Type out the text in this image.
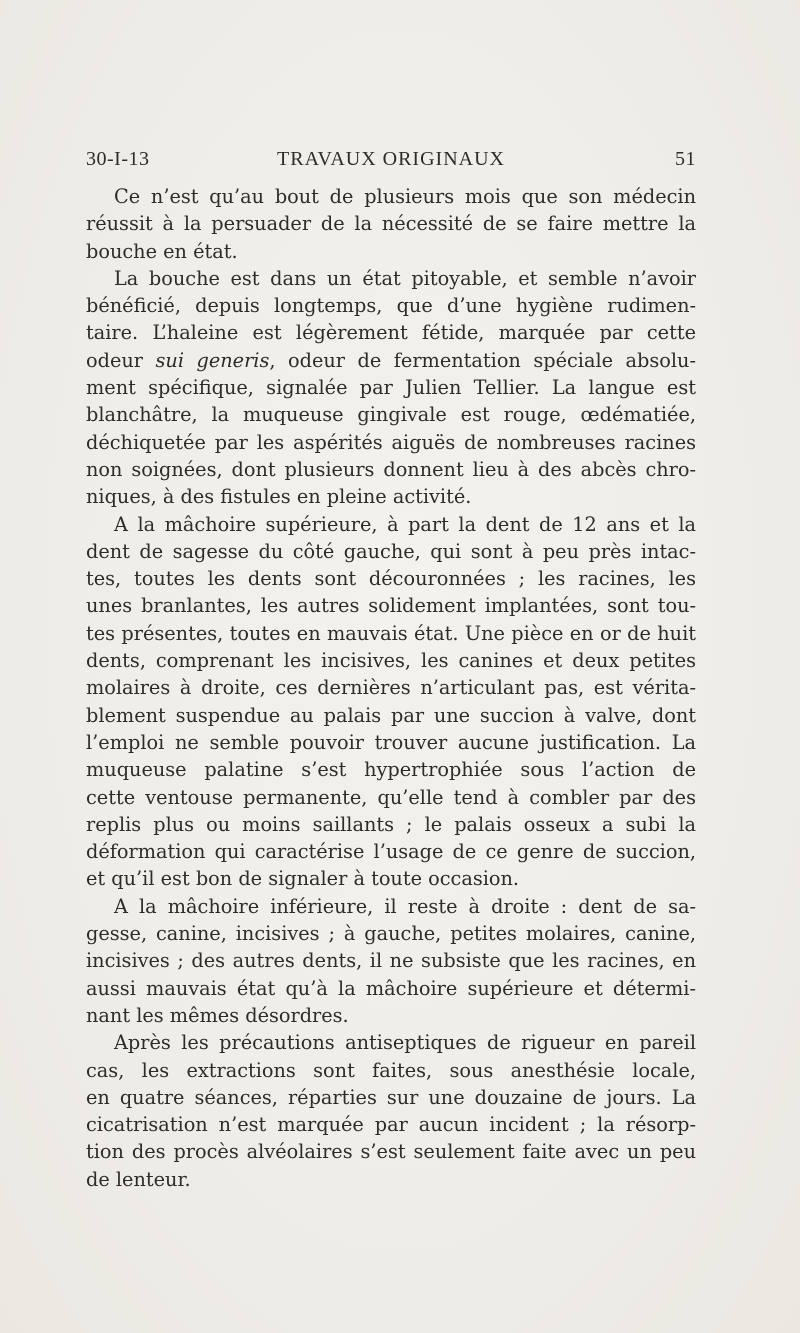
30-I-13	TRAVAUX ORIGINAUX	51
Ce n’est qu’au bout de plusieurs mois que son médecin
réussit à la persuader de la nécessité de se faire mettre la
bouche en état.
La bouche est dans un état pitoyable, et semble n’avoir
bénéficié, depuis longtemps, que d’une hygiène rudimen-
taire. L’haleine est légèrement fétide, marquée par cette
odeur sui generis, odeur de fermentation spéciale absolu-
ment spécifique, signalée par Julien Tellier. La langue est
blanchâtre, la muqueuse gingivale est rouge, œdématiée,
déchiquetée par les aspérités aiguës de nombreuses racines
non soignées, dont plusieurs donnent lieu à des abcès chro-
niques, à des fistules en pleine activité.
A la mâchoire supérieure, à part la dent de 12 ans et la
dent de sagesse du côté gauche, qui sont à peu près intac-
tes, toutes les dents sont découronnées ; les racines, les
unes branlantes, les autres solidement implantées, sont tou-
tes présentes, toutes en mauvais état. Une pièce en or de huit
dents, comprenant les incisives, les canines et deux petites
molaires à droite, ces dernières n’articulant pas, est vérita-
blement suspendue au palais par une succion à valve, dont
l’emploi ne semble pouvoir trouver aucune justification. La
muqueuse palatine s’est hypertrophiée sous l’action de
cette ventouse permanente, qu’elle tend à combler par des
replis plus ou moins saillants ; le palais osseux a subi la
déformation qui caractérise l’usage de ce genre de succion,
et qu’il est bon de signaler à toute occasion.
A la mâchoire inférieure, il reste à droite : dent de sa-
gesse, canine, incisives ; à gauche, petites molaires, canine,
incisives ; des autres dents, il ne subsiste que les racines, en
aussi mauvais état qu’à la mâchoire supérieure et détermi-
nant les mêmes désordres.
Après les précautions antiseptiques de rigueur en pareil
cas, les extractions sont faites, sous anesthésie locale,
en quatre séances, réparties sur une douzaine de jours. La
cicatrisation n’est marquée par aucun incident ; la résorp-
tion des procès alvéolaires s’est seulement faite avec un peu
de lenteur.
